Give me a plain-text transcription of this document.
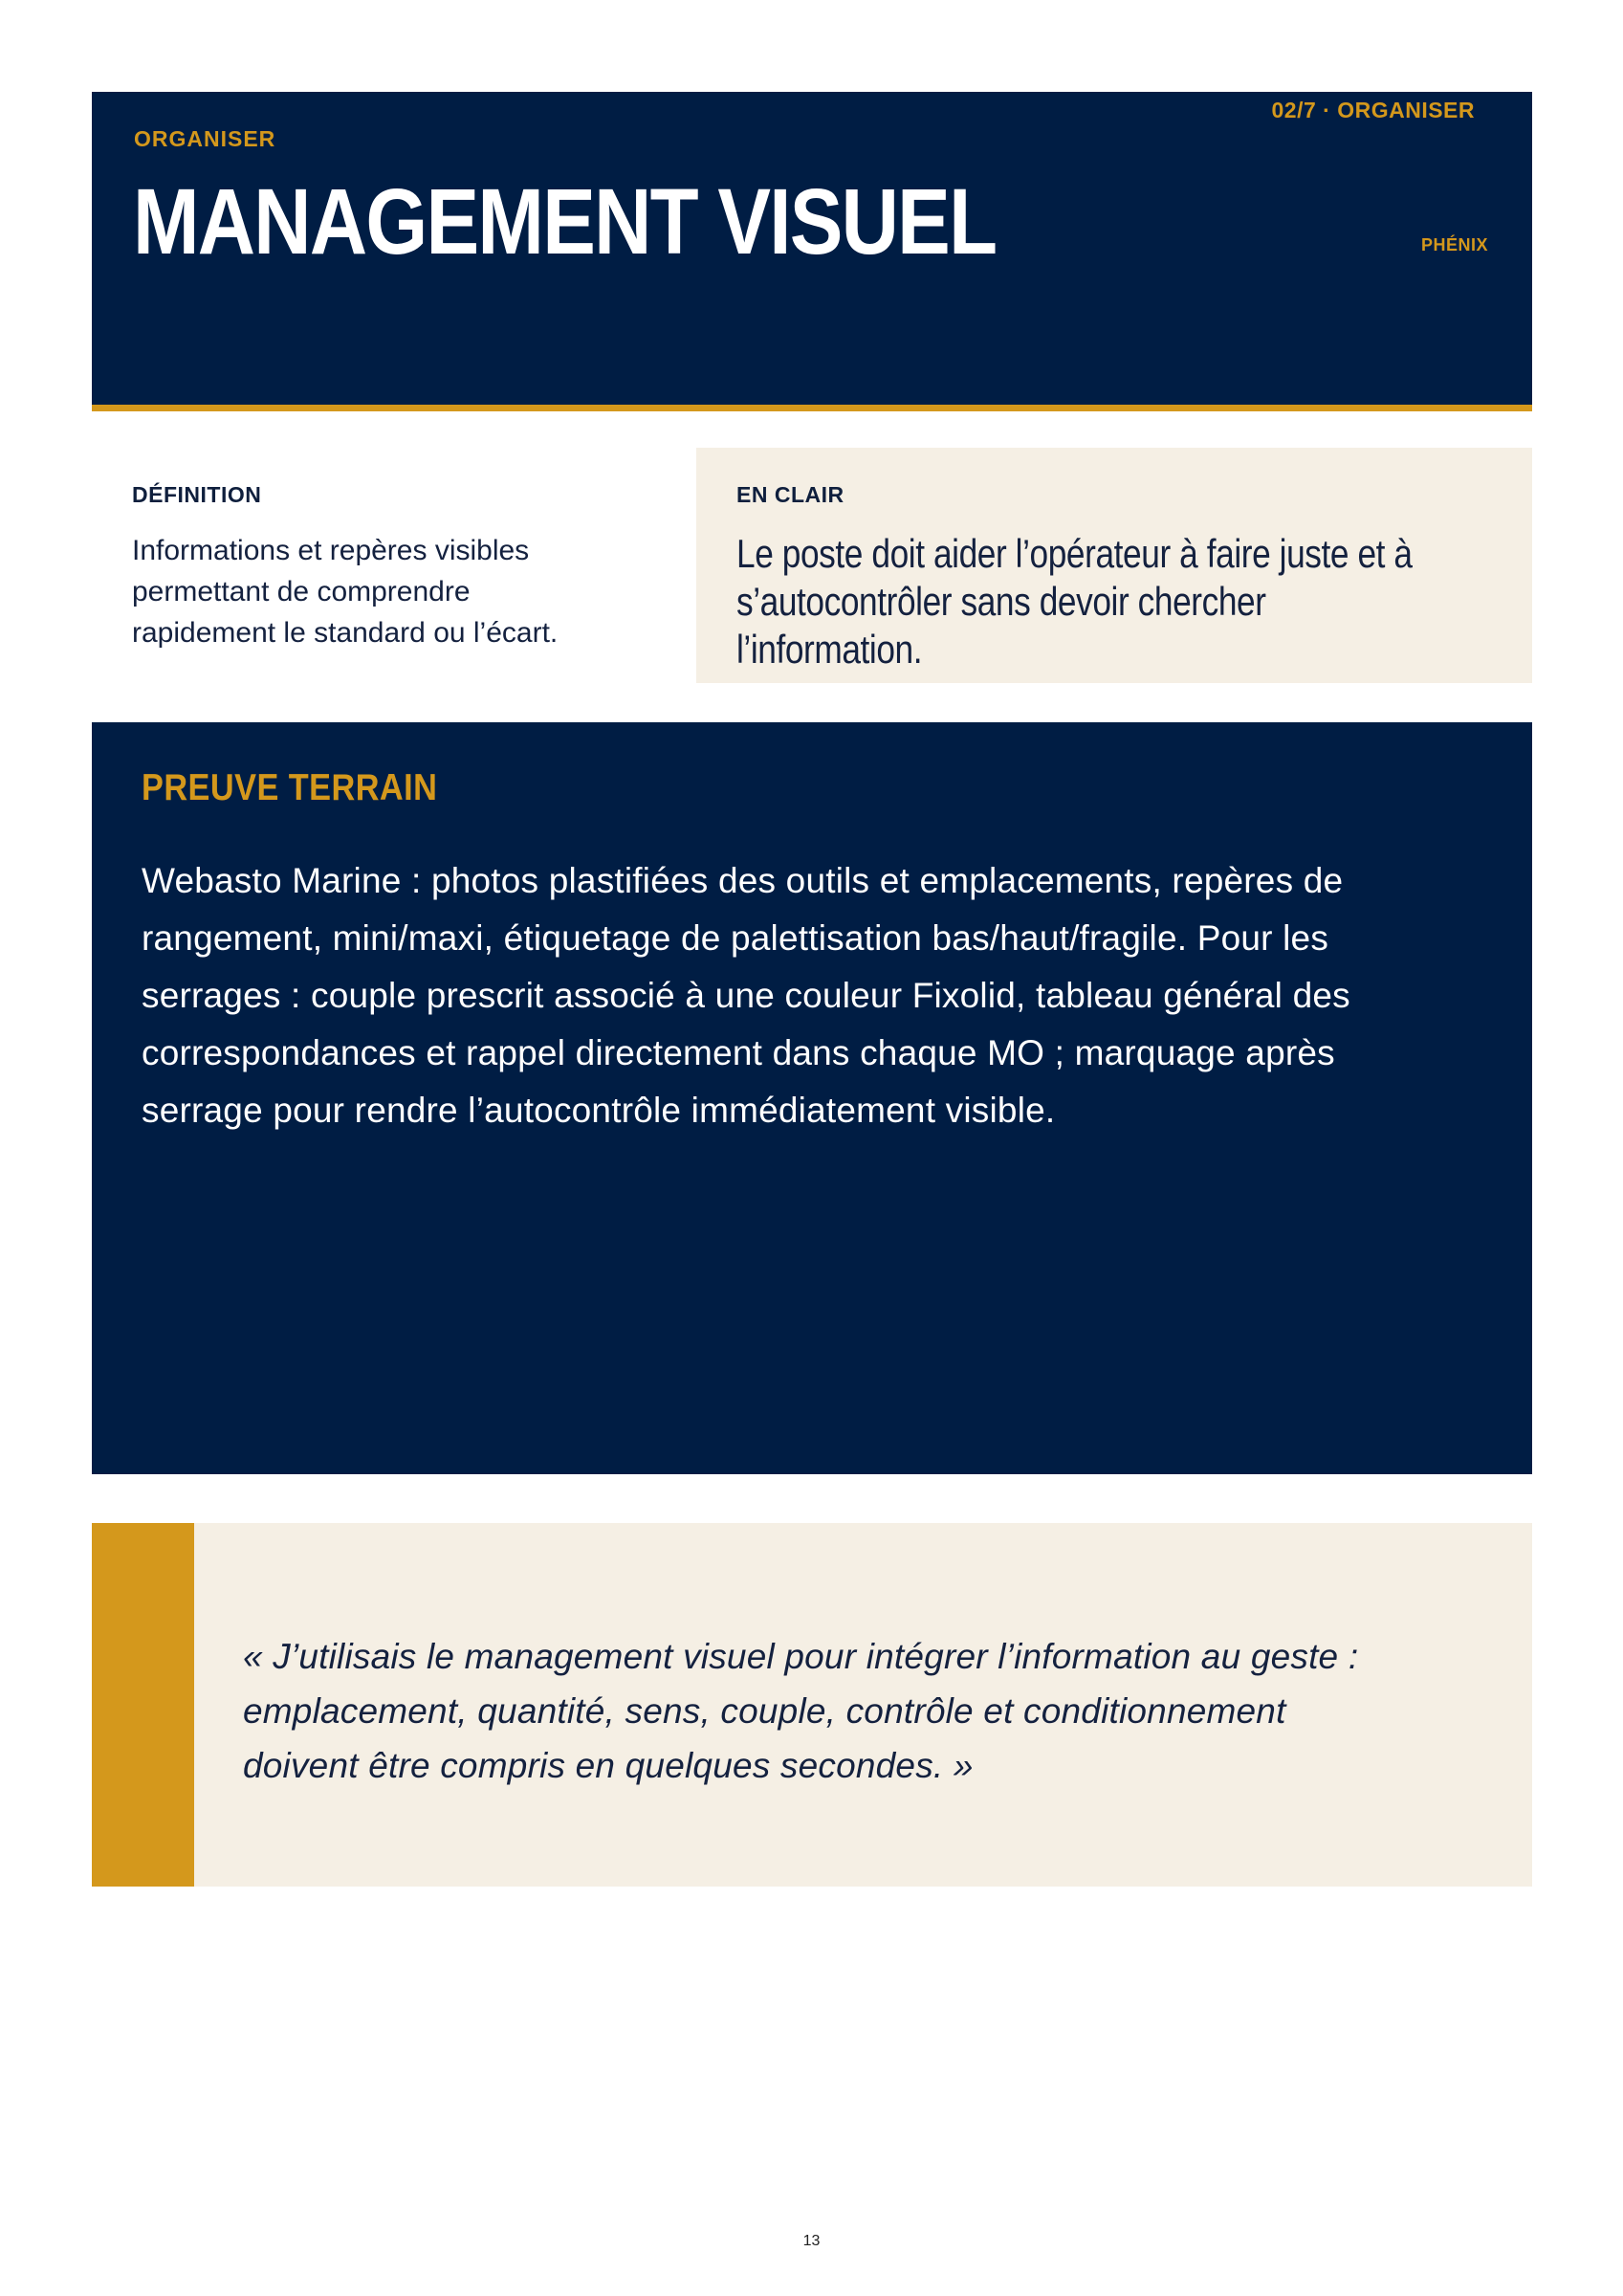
02/7 · ORGANISER
ORGANISER
MANAGEMENT VISUEL	PHÉNIX
DÉFINITION
Informations et repères visibles
permettant de comprendre
rapidement le standard ou l’écart.
EN CLAIR
Le poste doit aider l’opérateur à faire juste et à
s’autocontrôler sans devoir chercher l’information.
PREUVE TERRAIN
Webasto Marine : photos plastifiées des outils et emplacements, repères de
rangement, mini/maxi, étiquetage de palettisation bas/haut/fragile. Pour les
serrages : couple prescrit associé à une couleur Fixolid, tableau général des
correspondances et rappel directement dans chaque MO ; marquage après
serrage pour rendre l’autocontrôle immédiatement visible.
« J’utilisais le management visuel pour intégrer l’information au geste :
emplacement, quantité, sens, couple, contrôle et conditionnement
doivent être compris en quelques secondes. »
13
